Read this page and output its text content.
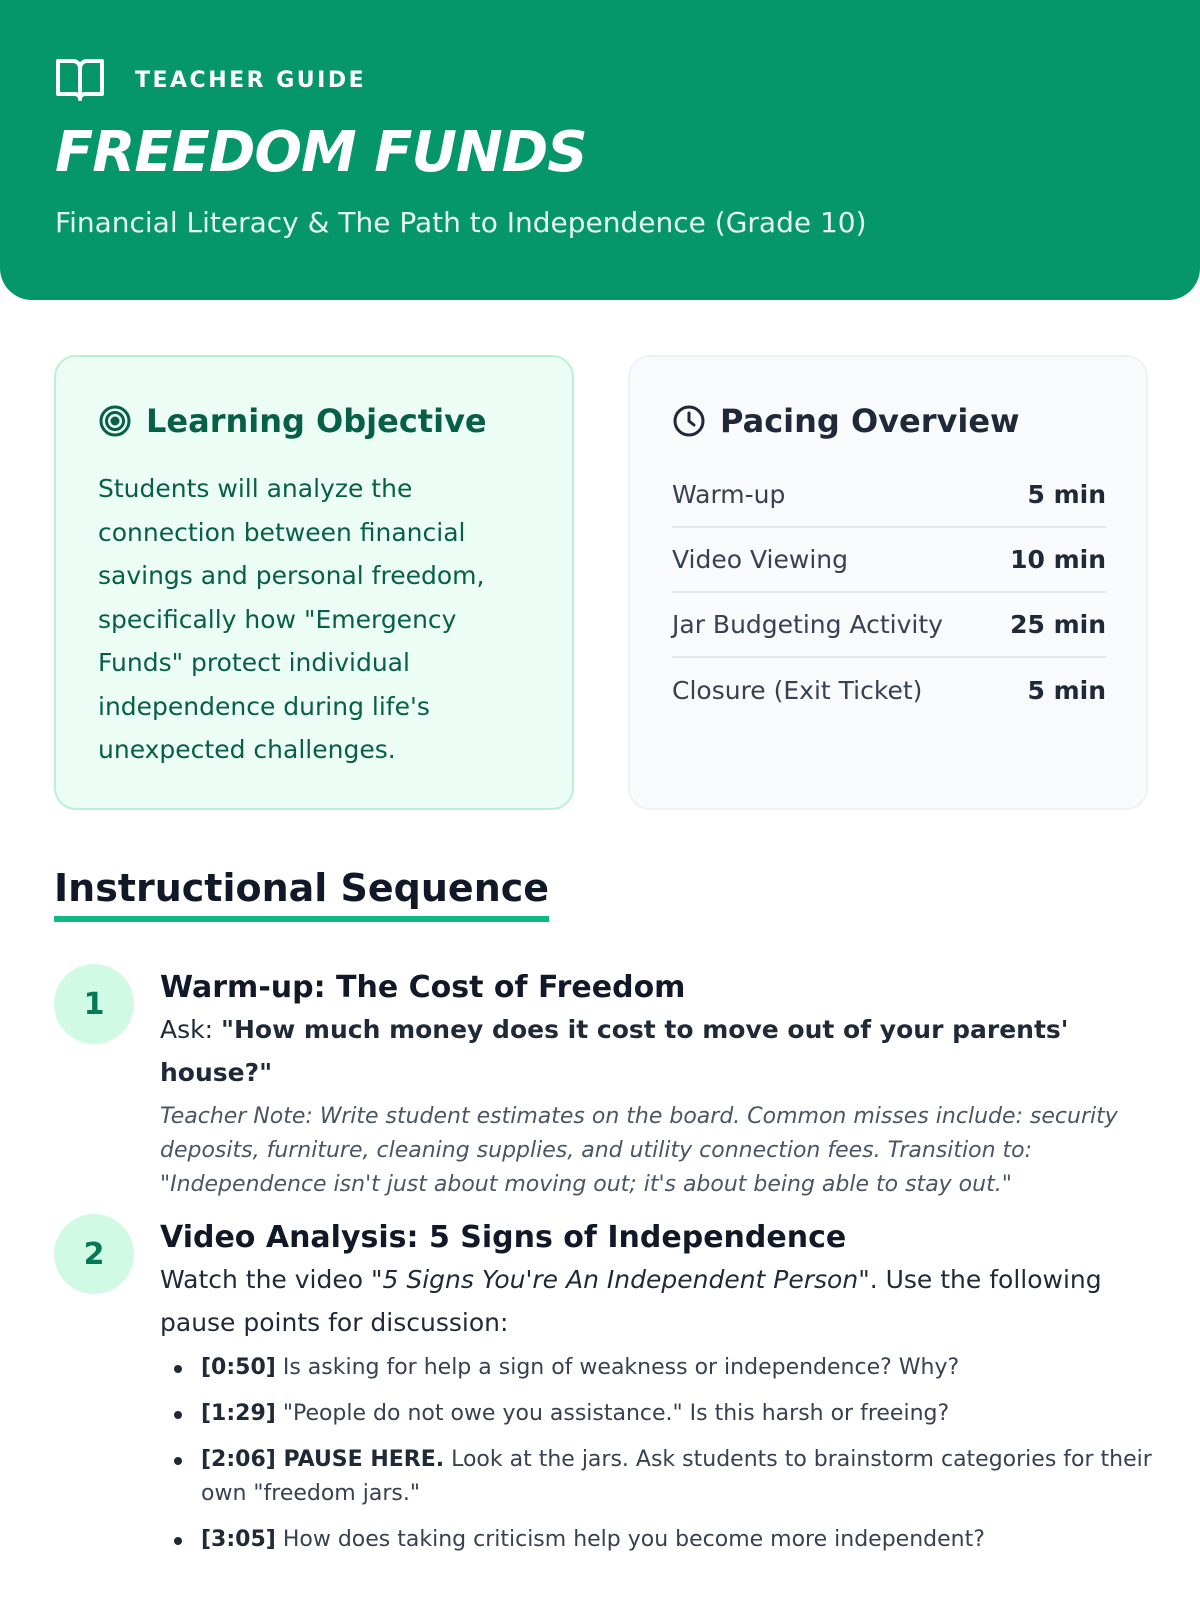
TEACHER GUIDE
FREEDOM FUNDS

Financial Literacy & The Path to Independence (Grade 10)

Learning Objective

Students will analyze the connection between financial savings and personal freedom, specifically how "Emergency Funds" protect individual independence during life's unexpected challenges.

Pacing Overview
Warm-up	5 min
Video Viewing	10 min
Jar Budgeting Activity	25 min
Closure (Exit Ticket)	5 min
Instructional Sequence
1	Warm-up: The Cost of Freedom

Ask: "How much money does it cost to move out of your parents' house?"

Teacher Note: Write student estimates on the board. Common misses include: security deposits, furniture, cleaning supplies, and utility connection fees. Transition to: "Independence isn't just about moving out; it's about being able to stay out."

2	Video Analysis: 5 Signs of Independence

Watch the video "5 Signs You're An Independent Person". Use the following pause points for discussion:

[0:50] Is asking for help a sign of weakness or independence? Why?
[1:29] "People do not owe you assistance." Is this harsh or freeing?
[2:06] PAUSE HERE. Look at the jars. Ask students to brainstorm categories for their own "freedom jars."
[3:05] How does taking criticism help you become more independent?
